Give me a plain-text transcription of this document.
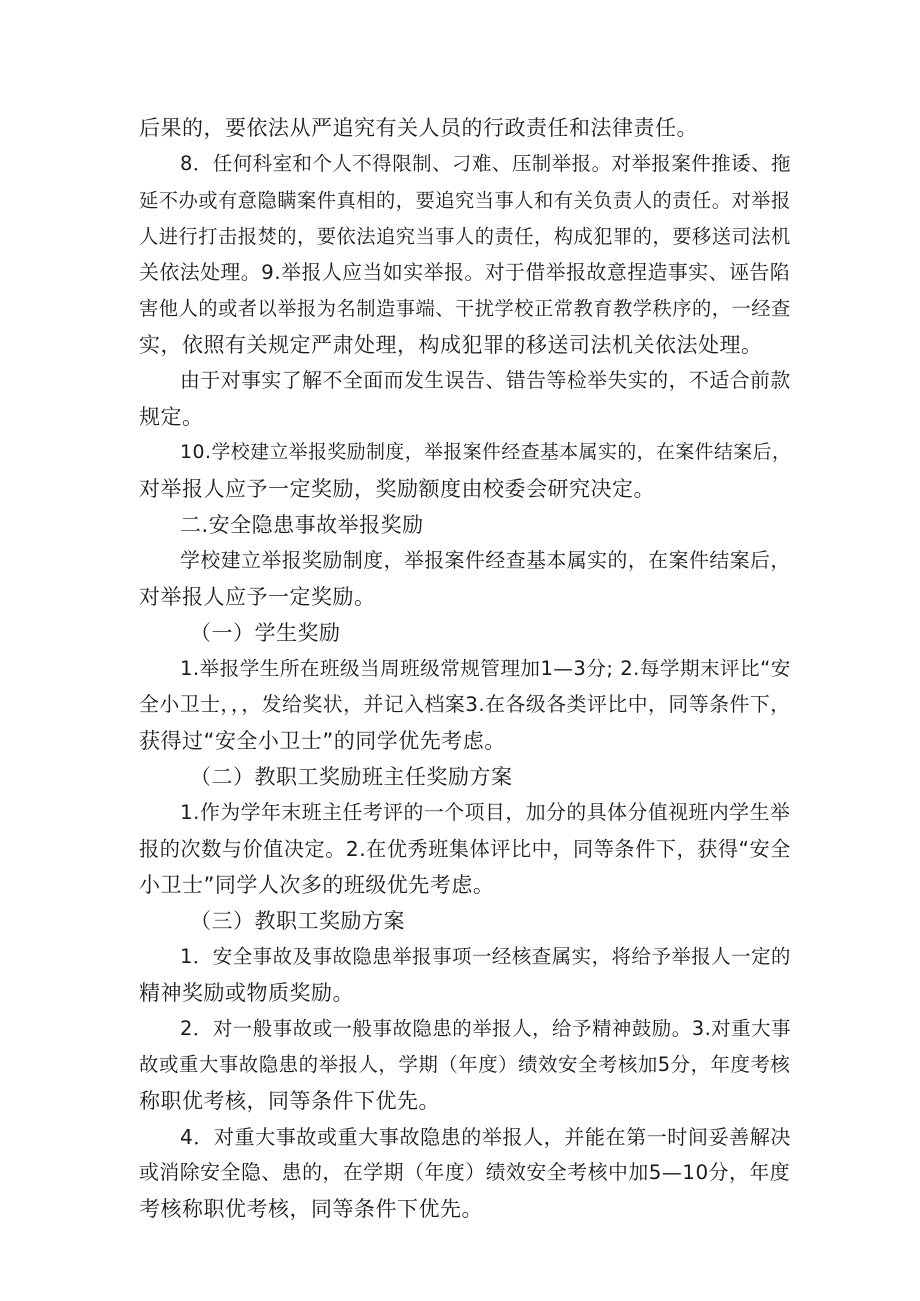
后果的，要依法从严追究有关人员的行政责任和法律责任。
8．任何科室和个人不得限制、刁难、压制举报。对举报案件推诿、拖
延不办或有意隐瞒案件真相的，要追究当事人和有关负责人的责任。对举报
人进行打击报焚的，要依法追究当事人的责任，构成犯罪的，要移送司法机
关依法处理。9.举报人应当如实举报。对于借举报故意捏造事实、诬告陷
害他人的或者以举报为名制造事端、干扰学校正常教育教学秩序的，一经查
实，依照有关规定严肃处理，构成犯罪的移送司法机关依法处理。
由于对事实了解不全面而发生误告、错告等检举失实的，不适合前款
规定。
10.学校建立举报奖励制度，举报案件经查基本属实的，在案件结案后，
对举报人应予一定奖励，奖励额度由校委会研究决定。
二.安全隐患事故举报奖励
学校建立举报奖励制度，举报案件经查基本属实的，在案件结案后，
对举报人应予一定奖励。
（一）学生奖励
1.举报学生所在班级当周班级常规管理加1—3分; 2.每学期末评比“安
全小卫士，，，发给奖状，并记入档案3.在各级各类评比中，同等条件下，
获得过“安全小卫士”的同学优先考虑。
（二）教职工奖励班主任奖励方案
1.作为学年末班主任考评的一个项目，加分的具体分值视班内学生举
报的次数与价值决定。2.在优秀班集体评比中，同等条件下，获得“安全
小卫士”同学人次多的班级优先考虑。
（三）教职工奖励方案
1．安全事故及事故隐患举报事项一经核查属实，将给予举报人一定的
精神奖励或物质奖励。
2．对一般事故或一般事故隐患的举报人，给予精神鼓励。3.对重大事
故或重大事故隐患的举报人，学期（年度）绩效安全考核加5分，年度考核
称职优考核，同等条件下优先。
4．对重大事故或重大事故隐患的举报人，并能在第一时间妥善解决
或消除安全隐、患的，在学期（年度）绩效安全考核中加5—10分，年度
考核称职优考核，同等条件下优先。
